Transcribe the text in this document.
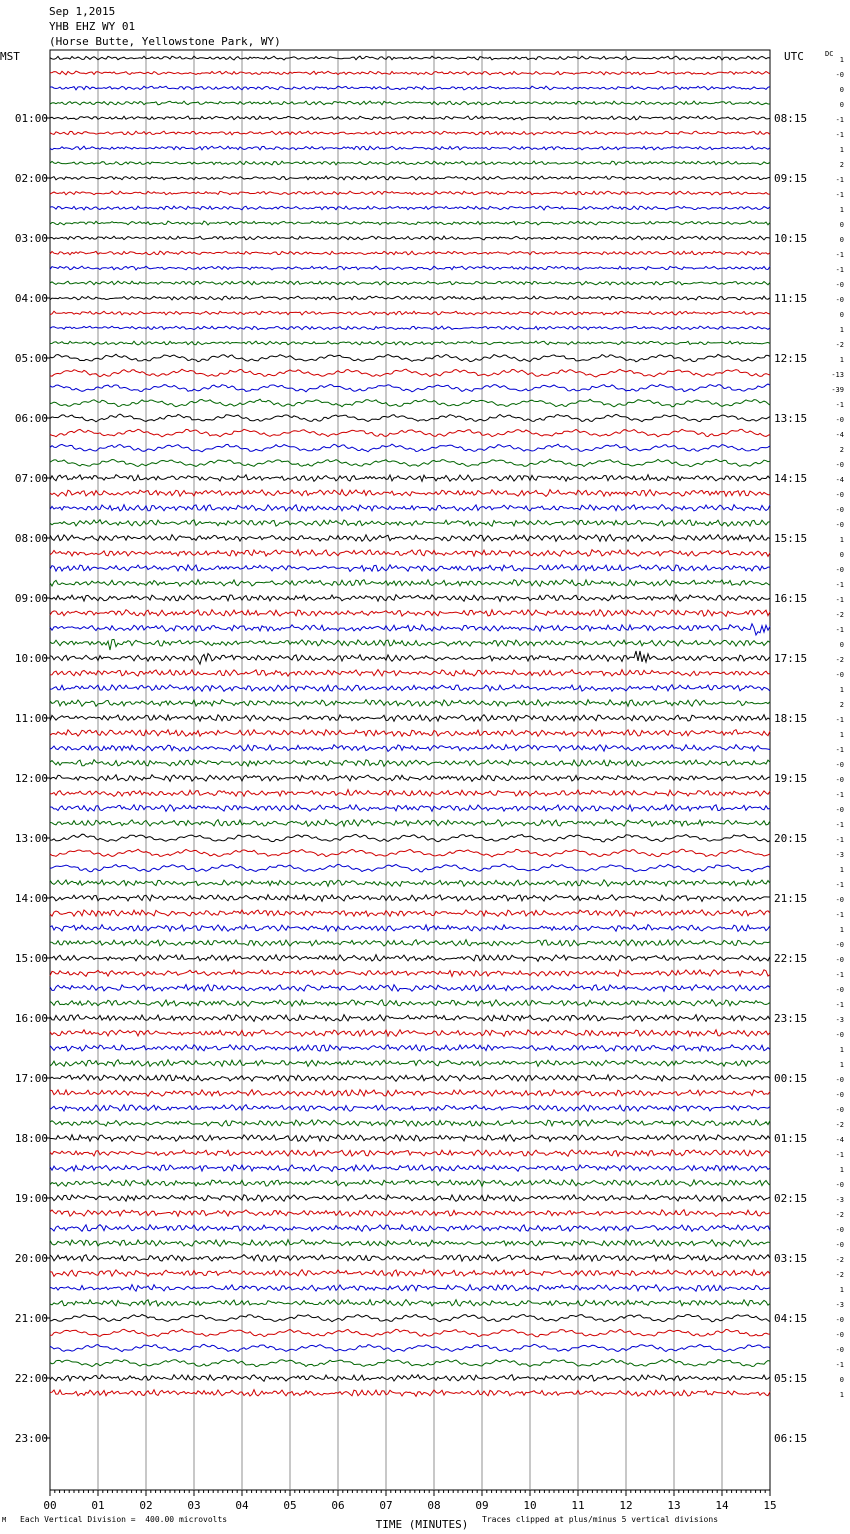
Sep 1,2015
YHB EHZ WY 01
(Horse Butte, Yellowstone Park, WY)
1
-0
0
0
-1
-1
1
2
-1
-1
1
0
0
-1
-1
-0
-0
0
1
-2
1
-13
-39
-1
-0
-4
2
-0
-4
-0
-0
-0
1
0
-0
-1
-1
-2
-1
0
-2
-0
1
2
-1
1
-1
-0
-0
-1
-0
-1
-1
-3
1
-1
-0
-1
1
-0
-0
-1
-0
-1
-3
-0
1
1
-0
-0
-0
-2
-4
-1
1
-0
-3
-2
-0
-0
-2
-2
1
-3
-0
-0
-0
-1
0
1
MST	UTC	DC
01:00
02:00
03:00
04:00
05:00
06:00
07:00
08:00
09:00
10:00
11:00
12:00
13:00
14:00
15:00
16:00
17:00
18:00
19:00
20:00
21:00
22:00
23:00
08:15
09:15
10:15
11:15
12:15
13:15
14:15
15:15
16:15
17:15
18:15
19:15
20:15
21:15
22:15
23:15
00:15
01:15
02:15
03:15
04:15
05:15
06:15
00	01	02	03	04	05	06	07	08	09	10	11	12	13	14	15
TIME (MINUTES)
M Each Vertical Division =  400.00 microvolts	Traces clipped at plus/minus 5 vertical divisions
